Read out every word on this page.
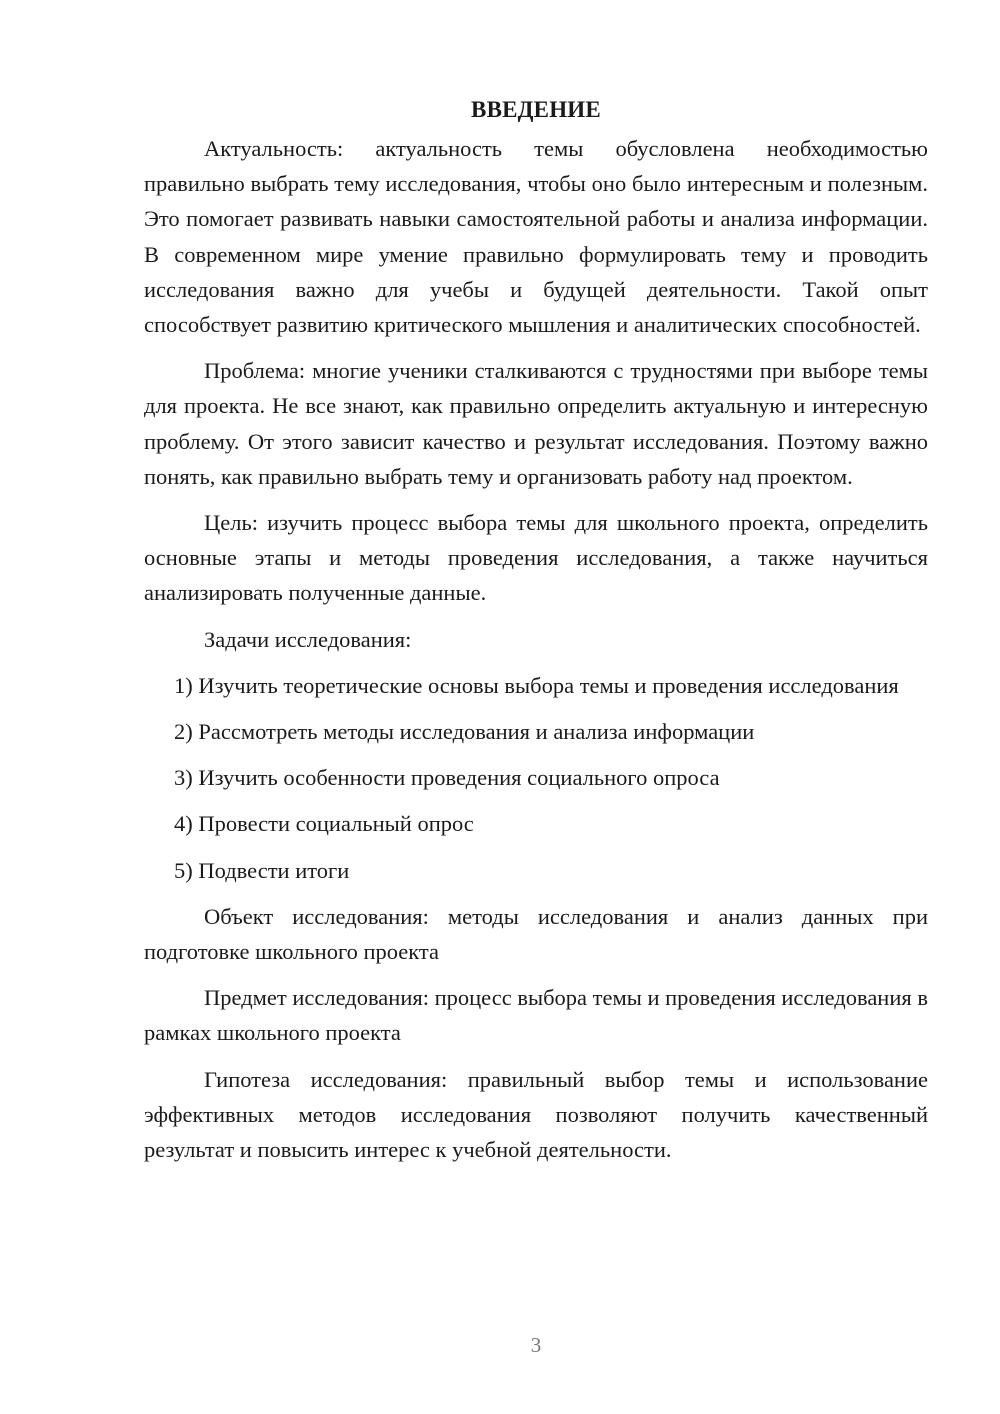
ВВЕДЕНИЕ

Актуальность: актуальность темы обусловлена необходимостью правильно выбрать тему исследования, чтобы оно было интересным и полезным. Это помогает развивать навыки самостоятельной работы и анализа информации. В современном мире умение правильно формулировать тему и проводить исследования важно для учебы и будущей деятельности. Такой опыт способствует развитию критического мышления и аналитических способностей.

Проблема: многие ученики сталкиваются с трудностями при выборе темы для проекта. Не все знают, как правильно определить актуальную и интересную проблему. От этого зависит качество и результат исследования. Поэтому важно понять, как правильно выбрать тему и организовать работу над проектом.

Цель: изучить процесс выбора темы для школьного проекта, определить основные этапы и методы проведения исследования, а также научиться анализировать полученные данные.

Задачи исследования:

1) Изучить теоретические основы выбора темы и проведения исследования

2) Рассмотреть методы исследования и анализа информации

3) Изучить особенности проведения социального опроса

4) Провести социальный опрос

5) Подвести итоги

Объект исследования: методы исследования и анализ данных при подготовке школьного проекта

Предмет исследования: процесс выбора темы и проведения исследования в рамках школьного проекта

Гипотеза исследования: правильный выбор темы и использование эффективных методов исследования позволяют получить качественный результат и повысить интерес к учебной деятельности.

3
